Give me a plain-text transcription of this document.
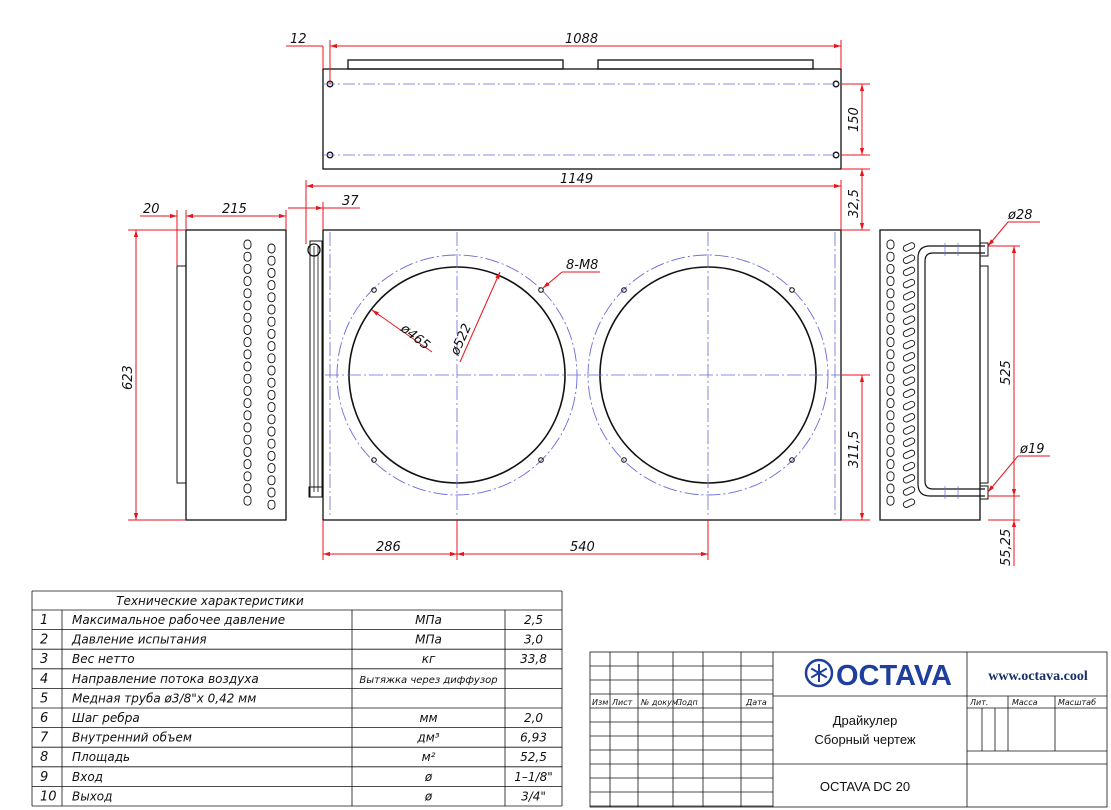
12	1088
150
32,5
1149
20	215
37
8-M8
ø465 ø522
623
311,5
286	540
525
ø28
ø19
55,25
Технические характеристики
1 Максимальное рабочее давление	МПа	2,5
2 Давление испытания	МПа	3,0
3 Вес нетто	кг	33,8
4 Направление потока воздуха	Вытяжка через диффузор
5 Медная труба ø3/8"x 0,42 мм
6 Шаг ребра	мм	2,0
7 Внутренний объем	дм³	6,93
8 Площадь	м²	52,5
9 Вход	ø	1–1/8"
10 Выход	ø	3/4"
OCTAVA	www.octava.cool
Изм Лист № докум.
Подп	Дата	Лит.	Масса	Масштаб
Драйкулер
Сборный чертеж
OCTAVA DC 20
